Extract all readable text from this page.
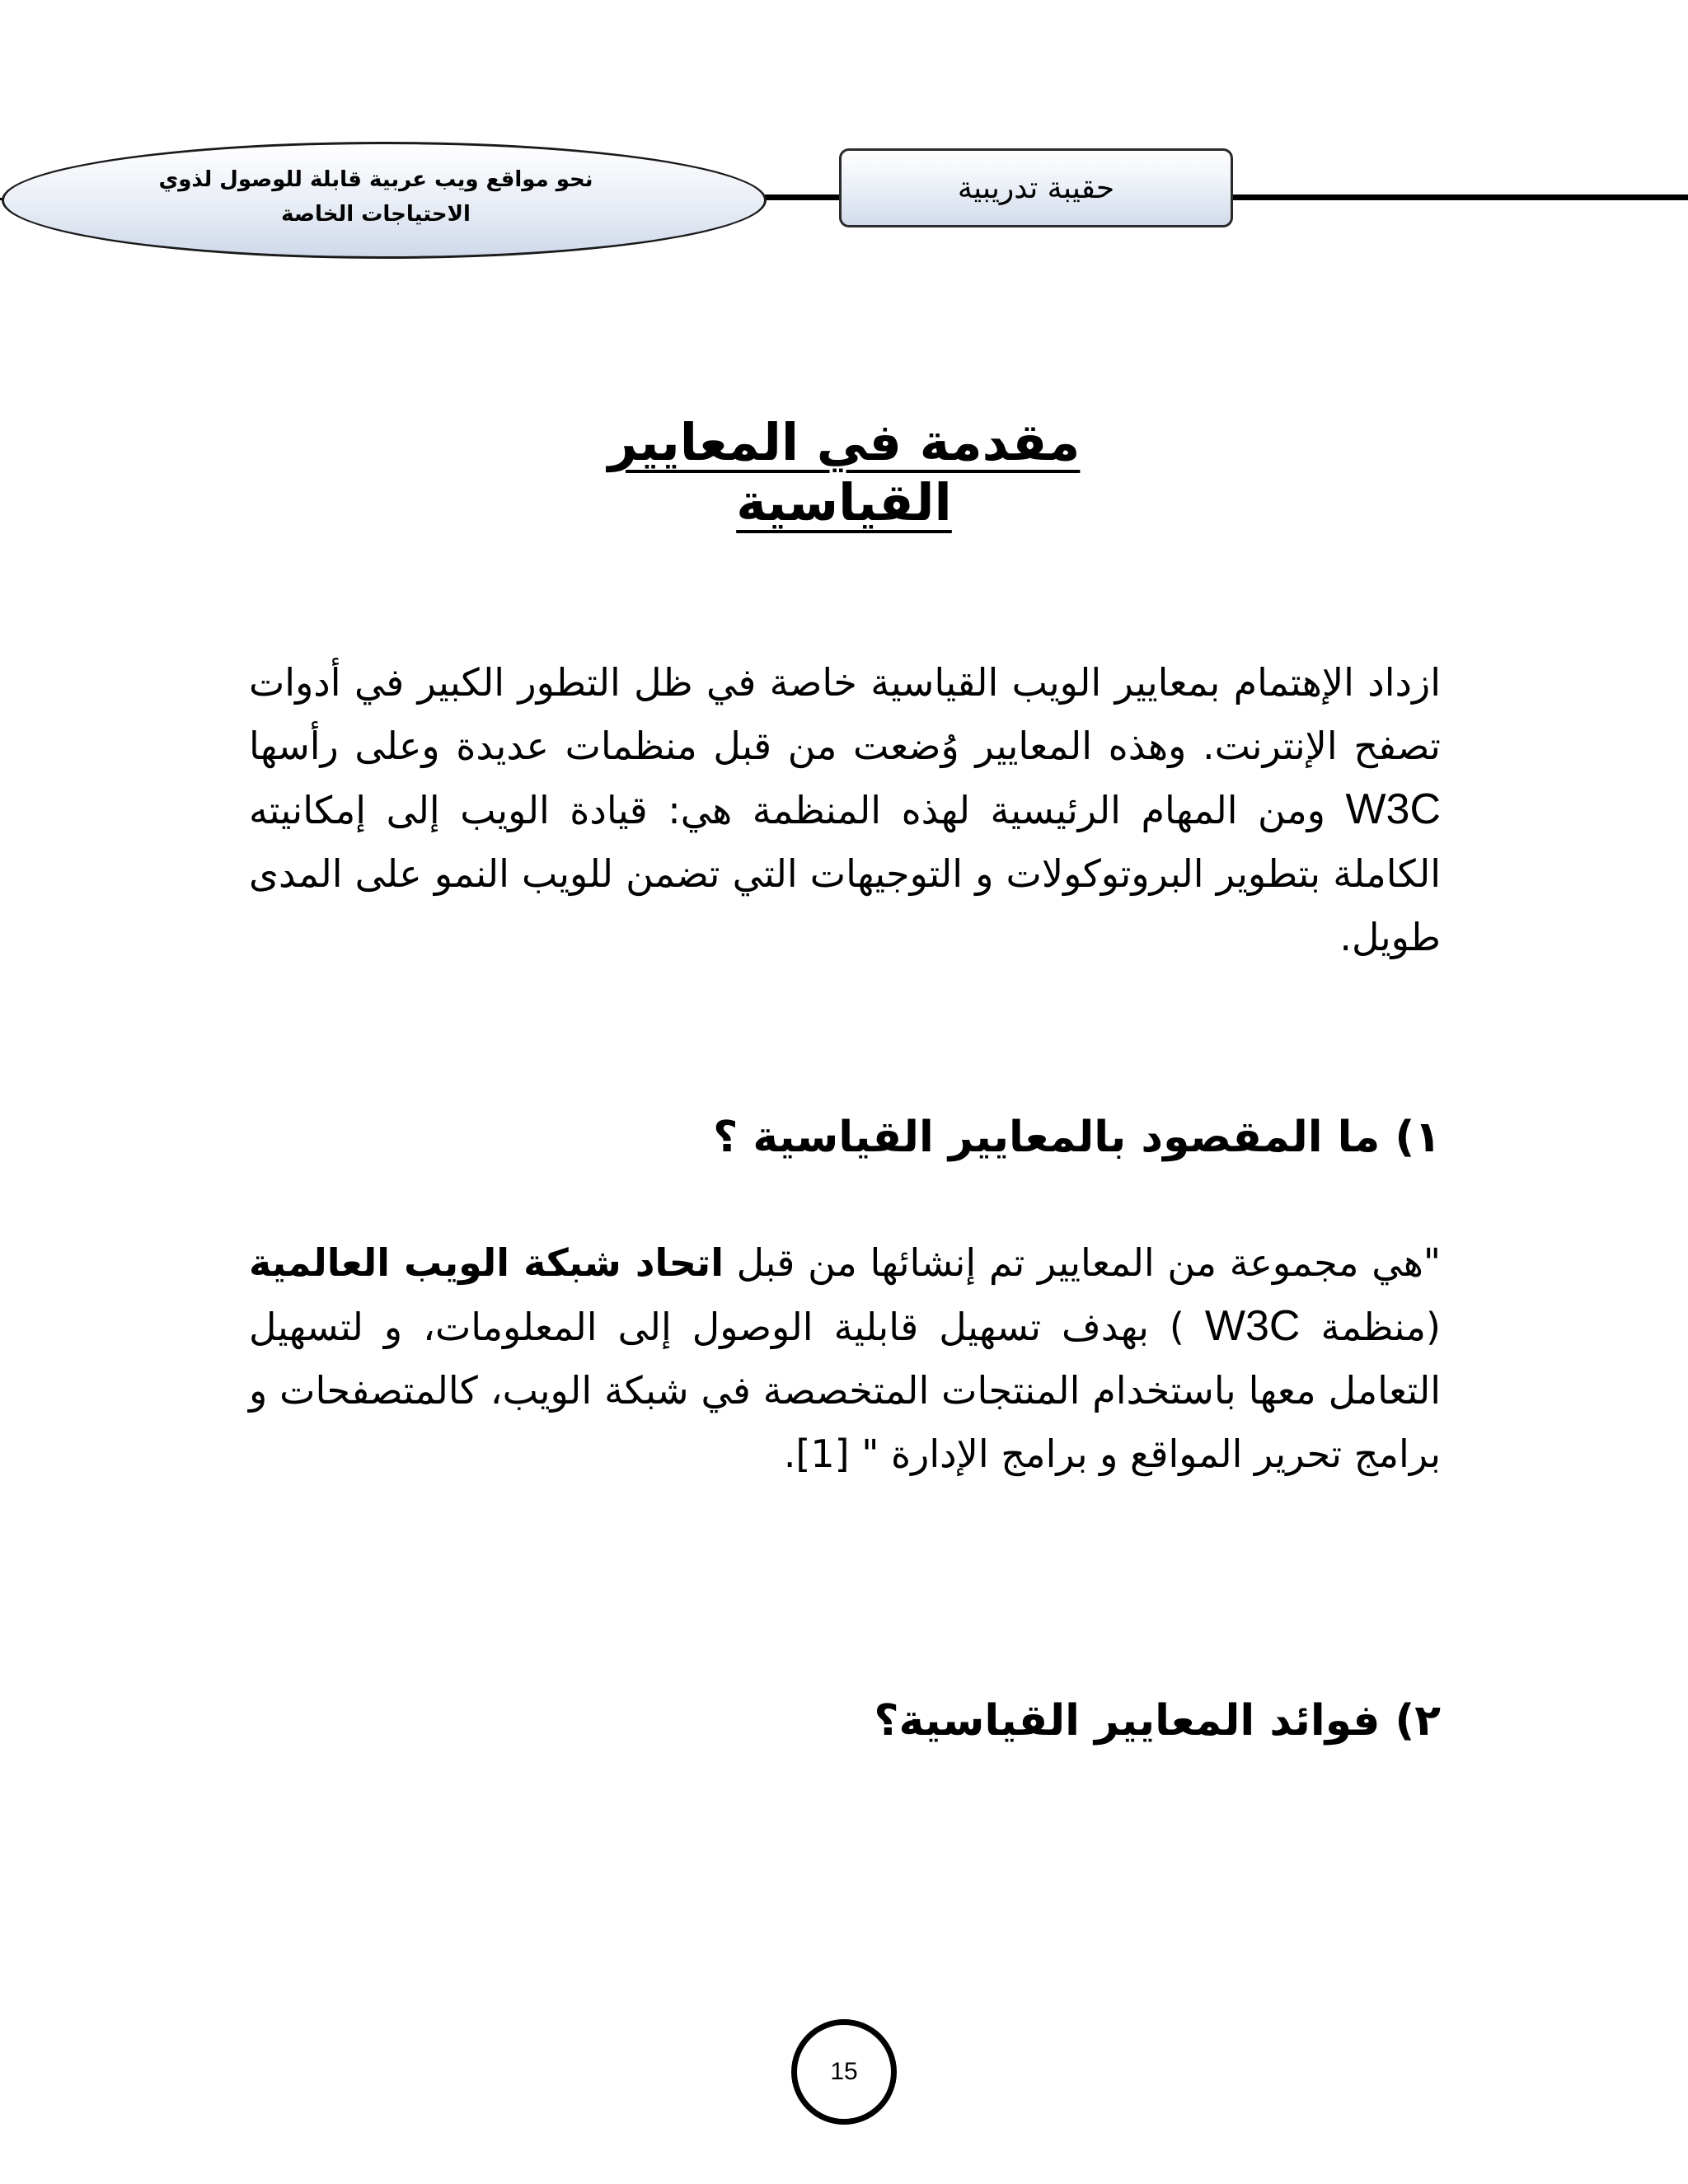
نحو مواقع ويب عربية قابلة للوصول لذوي الاحتياجات الخاصة
حقيبة تدريبية
مقدمة في المعايير القياسية
ازداد الإهتمام بمعايير الويب القياسية خاصة في ظل التطور الكبير في أدوات تصفح الإنترنت. وهذه المعايير وُضعت من قبل منظمات عديدة وعلى رأسها W3C ومن المهام الرئيسية لهذه المنظمة هي: قيادة الويب إلى إمكانيته الكاملة بتطوير البروتوكولات و التوجيهات التي تضمن للويب النمو على المدى طويل.
١) ما المقصود بالمعايير القياسية ؟
"هي مجموعة من المعايير تم إنشائها من قبل اتحاد شبكة الويب العالمية (منظمة W3C ) بهدف تسهيل قابلية الوصول إلى المعلومات، و لتسهيل التعامل معها باستخدام المنتجات المتخصصة في شبكة الويب، كالمتصفحات و برامج تحرير المواقع و برامج الإدارة " [1].
٢) فوائد المعايير القياسية؟
15
